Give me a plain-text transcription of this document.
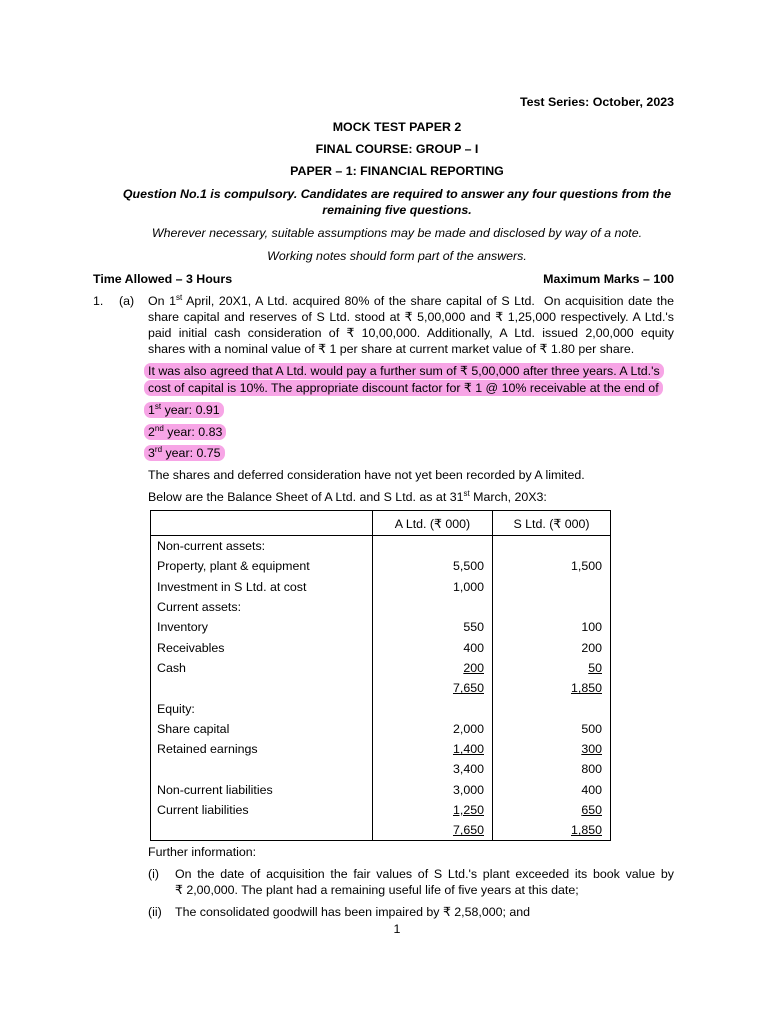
Test Series: October, 2023
MOCK TEST PAPER 2
FINAL COURSE: GROUP – I
PAPER – 1: FINANCIAL REPORTING
Question No.1 is compulsory. Candidates are required to answer any four questions from the
remaining five questions.
Wherever necessary, suitable assumptions may be made and disclosed by way of a note.
Working notes should form part of the answers.
Time Allowed – 3 Hours	Maximum Marks – 100
1. (a) On 1st April, 20X1, A Ltd. acquired 80% of the share capital of S Ltd.  On acquisition date the
share capital and reserves of S Ltd. stood at ₹ 5,00,000 and ₹ 1,25,000 respectively. A Ltd.'s
paid initial cash consideration of ₹ 10,00,000. Additionally, A Ltd. issued 2,00,000 equity
shares with a nominal value of ₹ 1 per share at current market value of ₹ 1.80 per share.
It was also agreed that A Ltd. would pay a further sum of ₹ 5,00,000 after three years. A Ltd.'s
cost of capital is 10%. The appropriate discount factor for ₹ 1 @ 10% receivable at the end of
1st year: 0.91
2nd year: 0.83
3rd year: 0.75
The shares and deferred consideration have not yet been recorded by A limited.
Below are the Balance Sheet of A Ltd. and S Ltd. as at 31st March, 20X3:
	A Ltd. (₹ 000)	S Ltd. (₹ 000)
Non-current assets:		
Property, plant & equipment	5,500	1,500
Investment in S Ltd. at cost	1,000	
Current assets:		
Inventory	550	100
Receivables	400	200
Cash	200	50
	7,650	1,850
Equity:		
Share capital	2,000	500
Retained earnings	1,400	300
	3,400	800
Non-current liabilities	3,000	400
Current liabilities	1,250	650
	7,650	1,850
Further information:
(i) On the date of acquisition the fair values of S Ltd.'s plant exceeded its book value by
₹ 2,00,000. The plant had a remaining useful life of five years at this date;
(ii) The consolidated goodwill has been impaired by ₹ 2,58,000; and
1
